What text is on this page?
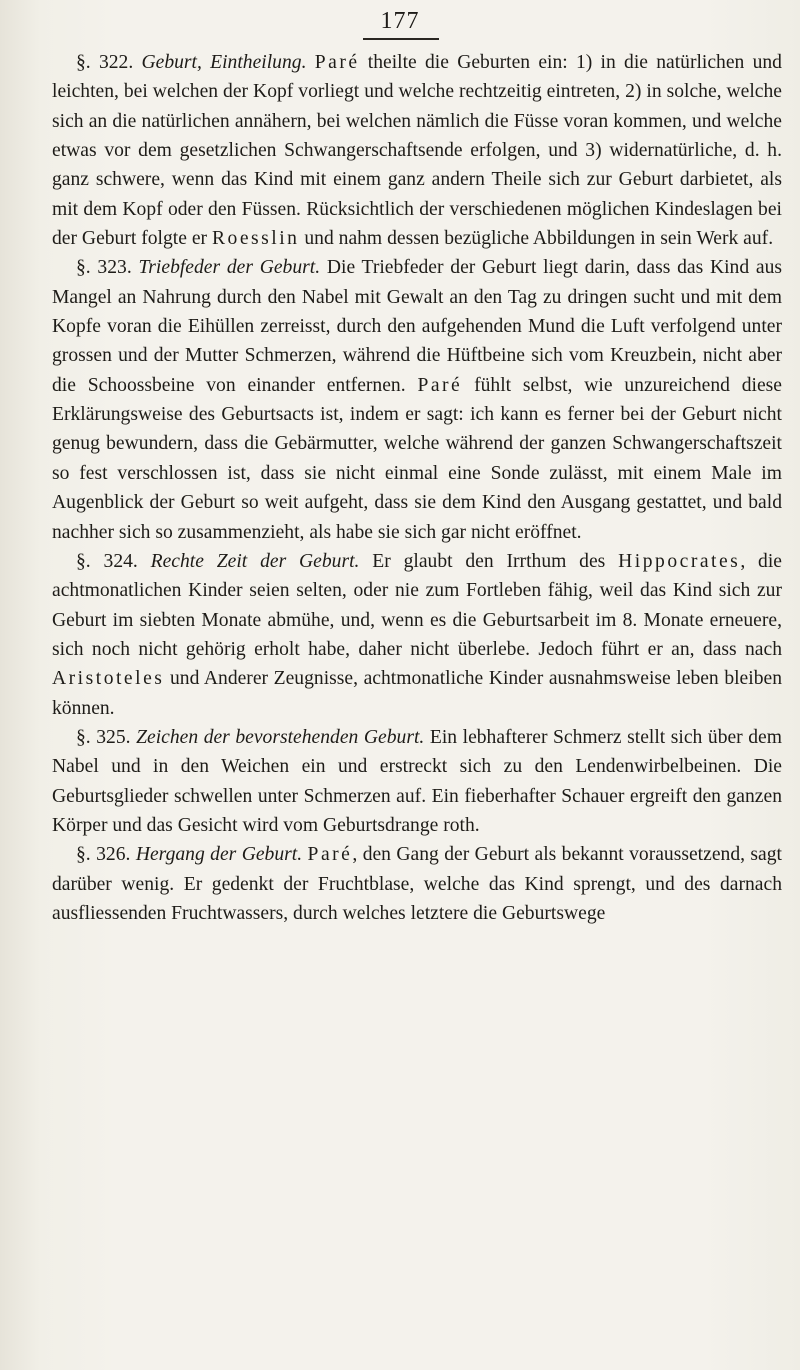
177

§. 322. Geburt, Eintheilung. Paré theilte die Geburten ein: 1) in die natürlichen und leichten, bei welchen der Kopf vorliegt und welche rechtzeitig eintreten, 2) in solche, welche sich an die natürlichen annähern, bei welchen nämlich die Füsse voran kommen, und welche etwas vor dem gesetzlichen Schwangerschaftsende erfolgen, und 3) widernatürliche, d. h. ganz schwere, wenn das Kind mit einem ganz andern Theile sich zur Geburt darbietet, als mit dem Kopf oder den Füssen. Rücksichtlich der verschiedenen möglichen Kindeslagen bei der Geburt folgte er Roesslin und nahm dessen bezügliche Abbildungen in sein Werk auf.

§. 323. Triebfeder der Geburt. Die Triebfeder der Geburt liegt darin, dass das Kind aus Mangel an Nahrung durch den Nabel mit Gewalt an den Tag zu dringen sucht und mit dem Kopfe voran die Eihüllen zerreisst, durch den aufgehenden Mund die Luft verfolgend unter grossen und der Mutter Schmerzen, während die Hüftbeine sich vom Kreuzbein, nicht aber die Schoossbeine von einander entfernen. Paré fühlt selbst, wie unzureichend diese Erklärungsweise des Geburtsacts ist, indem er sagt: ich kann es ferner bei der Geburt nicht genug bewundern, dass die Gebärmutter, welche während der ganzen Schwangerschaftszeit so fest verschlossen ist, dass sie nicht einmal eine Sonde zulässt, mit einem Male im Augenblick der Geburt so weit aufgeht, dass sie dem Kind den Ausgang gestattet, und bald nachher sich so zusammenzieht, als habe sie sich gar nicht eröffnet.

§. 324. Rechte Zeit der Geburt. Er glaubt den Irrthum des Hippocrates, die achtmonatlichen Kinder seien selten, oder nie zum Fortleben fähig, weil das Kind sich zur Geburt im siebten Monate abmühe, und, wenn es die Geburtsarbeit im 8. Monate erneuere, sich noch nicht gehörig erholt habe, daher nicht überlebe. Jedoch führt er an, dass nach Aristoteles und Anderer Zeugnisse, achtmonatliche Kinder ausnahmsweise leben bleiben können.

§. 325. Zeichen der bevorstehenden Geburt. Ein lebhafterer Schmerz stellt sich über dem Nabel und in den Weichen ein und erstreckt sich zu den Lendenwirbelbeinen. Die Geburtsglieder schwellen unter Schmerzen auf. Ein fieberhafter Schauer ergreift den ganzen Körper und das Gesicht wird vom Geburtsdrange roth.

§. 326. Hergang der Geburt. Paré, den Gang der Geburt als bekannt voraussetzend, sagt darüber wenig. Er gedenkt der Fruchtblase, welche das Kind sprengt, und des darnach ausfliessenden Fruchtwassers, durch welches letztere die Geburtswege
